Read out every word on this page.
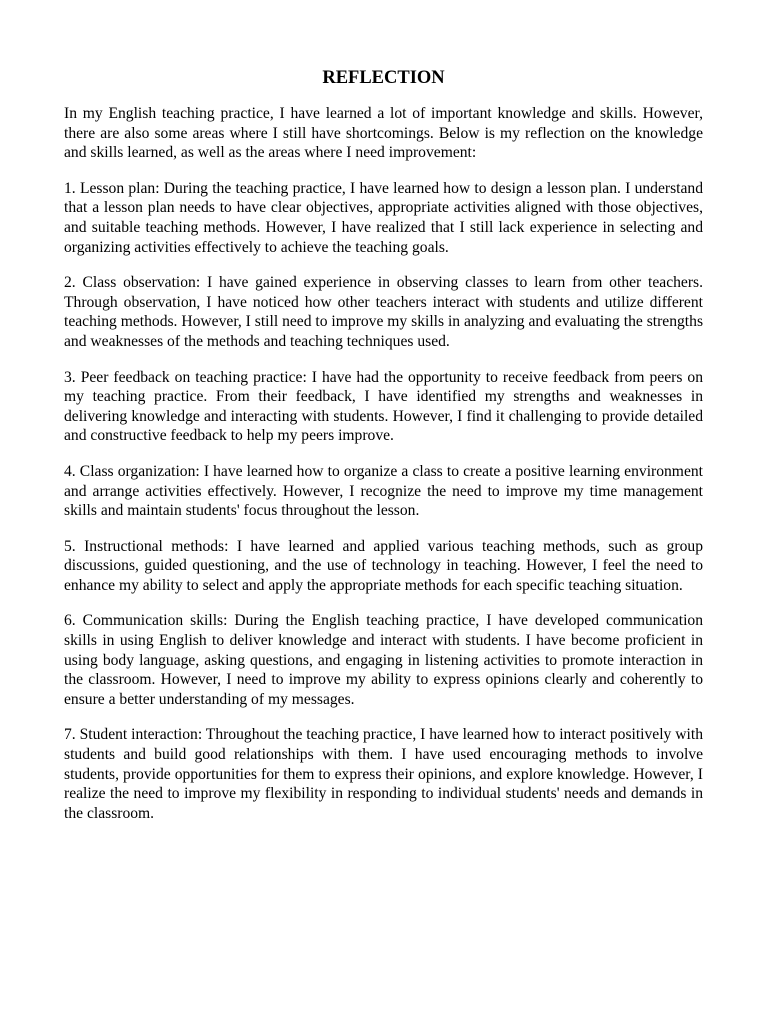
REFLECTION

In my English teaching practice, I have learned a lot of important knowledge and skills. However, there are also some areas where I still have shortcomings. Below is my reflection on the knowledge and skills learned, as well as the areas where I need improvement:

1. Lesson plan: During the teaching practice, I have learned how to design a lesson plan. I understand that a lesson plan needs to have clear objectives, appropriate activities aligned with those objectives, and suitable teaching methods. However, I have realized that I still lack experience in selecting and organizing activities effectively to achieve the teaching goals.

2. Class observation: I have gained experience in observing classes to learn from other teachers. Through observation, I have noticed how other teachers interact with students and utilize different teaching methods. However, I still need to improve my skills in analyzing and evaluating the strengths and weaknesses of the methods and teaching techniques used.

3. Peer feedback on teaching practice: I have had the opportunity to receive feedback from peers on my teaching practice. From their feedback, I have identified my strengths and weaknesses in delivering knowledge and interacting with students. However, I find it challenging to provide detailed and constructive feedback to help my peers improve.

4. Class organization: I have learned how to organize a class to create a positive learning environment and arrange activities effectively. However, I recognize the need to improve my time management skills and maintain students' focus throughout the lesson.

5. Instructional methods: I have learned and applied various teaching methods, such as group discussions, guided questioning, and the use of technology in teaching. However, I feel the need to enhance my ability to select and apply the appropriate methods for each specific teaching situation.

6. Communication skills: During the English teaching practice, I have developed communication skills in using English to deliver knowledge and interact with students. I have become proficient in using body language, asking questions, and engaging in listening activities to promote interaction in the classroom. However, I need to improve my ability to express opinions clearly and coherently to ensure a better understanding of my messages.

7. Student interaction: Throughout the teaching practice, I have learned how to interact positively with students and build good relationships with them. I have used encouraging methods to involve students, provide opportunities for them to express their opinions, and explore knowledge. However, I realize the need to improve my flexibility in responding to individual students' needs and demands in the classroom.
